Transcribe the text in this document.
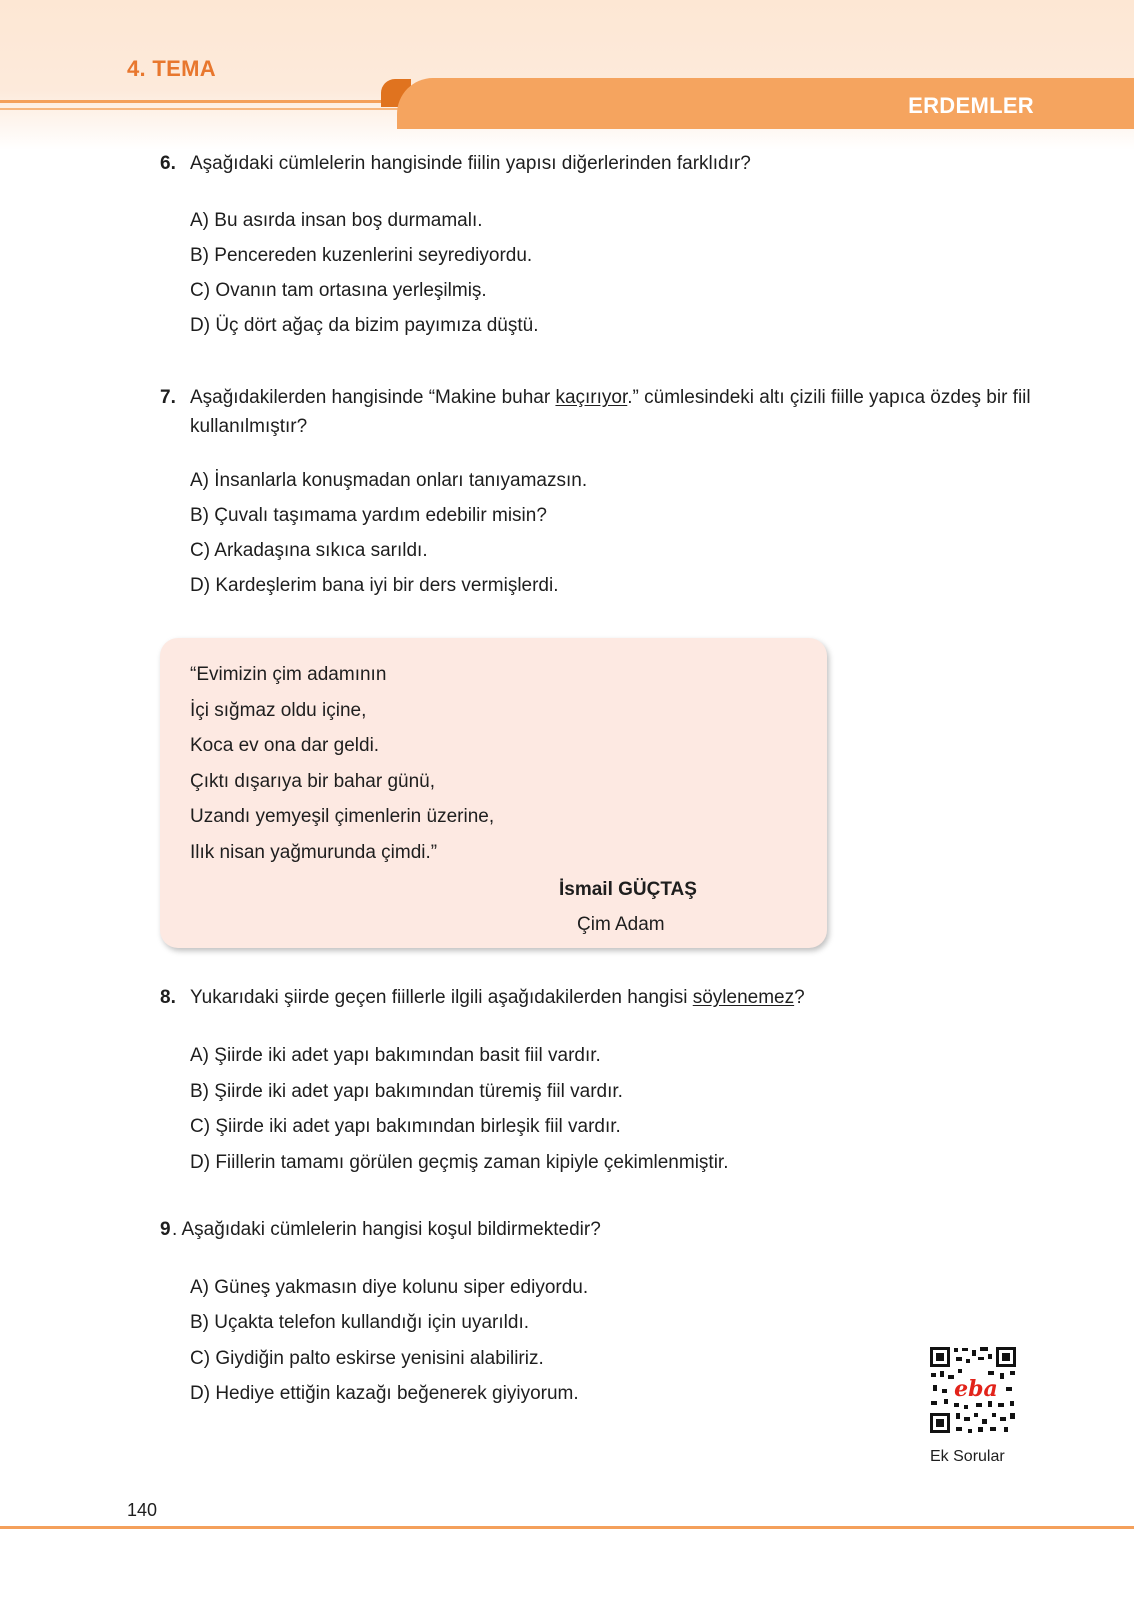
4. TEMA
ERDEMLER
6. Aşağıdaki cümlelerin hangisinde fiilin yapısı diğerlerinden farklıdır?
A) Bu asırda insan boş durmamalı.
B) Pencereden kuzenlerini seyrediyordu.
C) Ovanın tam ortasına yerleşilmiş.
D) Üç dört ağaç da bizim payımıza düştü.
7. Aşağıdakilerden hangisinde “Makine buhar kaçırıyor.” cümlesindeki altı çizili fiille yapıca özdeş bir fiil kullanılmıştır?
A) İnsanlarla konuşmadan onları tanıyamazsın.
B) Çuvalı taşımama yardım edebilir misin?
C) Arkadaşına sıkıca sarıldı.
D) Kardeşlerim bana iyi bir ders vermişlerdi.
“Evimizin çim adamının
İçi sığmaz oldu içine,
Koca ev ona dar geldi.
Çıktı dışarıya bir bahar günü,
Uzandı yemyeşil çimenlerin üzerine,
Ilık nisan yağmurunda çimdi.”
İsmail GÜÇTAŞ
Çim Adam
8. Yukarıdaki şiirde geçen fiillerle ilgili aşağıdakilerden hangisi söylenemez?
A) Şiirde iki adet yapı bakımından basit fiil vardır.
B) Şiirde iki adet yapı bakımından türemiş fiil vardır.
C) Şiirde iki adet yapı bakımından birleşik fiil vardır.
D) Fiillerin tamamı görülen geçmiş zaman kipiyle çekimlenmiştir.
9 . Aşağıdaki cümlelerin hangisi koşul bildirmektedir?
A) Güneş yakmasın diye kolunu siper ediyordu.
B) Uçakta telefon kullandığı için uyarıldı.
C) Giydiğin palto eskirse yenisini alabiliriz.
D) Hediye ettiğin kazağı beğenerek giyiyorum.	eba
Ek Sorular
140
